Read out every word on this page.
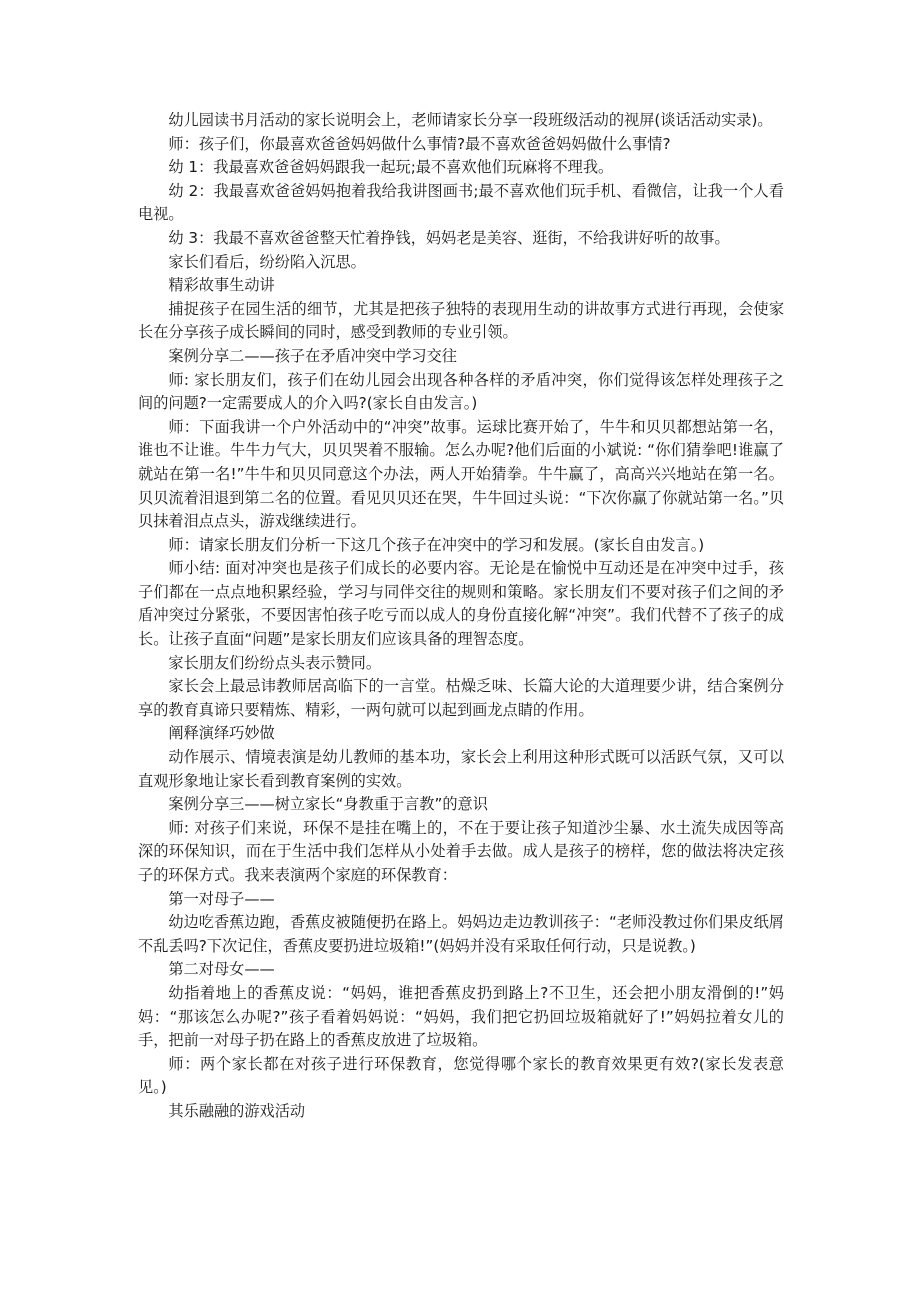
幼儿园读书月活动的家长说明会上，老师请家长分享一段班级活动的视屏(谈话活动实录)。

师：孩子们，你最喜欢爸爸妈妈做什么事情?最不喜欢爸爸妈妈做什么事情?

幼 1：我最喜欢爸爸妈妈跟我一起玩;最不喜欢他们玩麻将不理我。

幼 2：我最喜欢爸爸妈妈抱着我给我讲图画书;最不喜欢他们玩手机、看微信，让我一个人看电视。

幼 3：我最不喜欢爸爸整天忙着挣钱，妈妈老是美容、逛街，不给我讲好听的故事。

家长们看后，纷纷陷入沉思。

精彩故事生动讲

捕捉孩子在园生活的细节，尤其是把孩子独特的表现用生动的讲故事方式进行再现，会使家长在分享孩子成长瞬间的同时，感受到教师的专业引领。

案例分享二——孩子在矛盾冲突中学习交往

师: 家长朋友们，孩子们在幼儿园会出现各种各样的矛盾冲突，你们觉得该怎样处理孩子之间的问题?一定需要成人的介入吗?(家长自由发言。)

师：下面我讲一个户外活动中的“冲突”故事。运球比赛开始了，牛牛和贝贝都想站第一名，谁也不让谁。牛牛力气大，贝贝哭着不服输。怎么办呢?他们后面的小斌说: “你们猜拳吧!谁赢了就站在第一名!”牛牛和贝贝同意这个办法，两人开始猜拳。牛牛赢了，高高兴兴地站在第一名。贝贝流着泪退到第二名的位置。看见贝贝还在哭，牛牛回过头说：“下次你赢了你就站第一名。”贝贝抹着泪点点头，游戏继续进行。

师：请家长朋友们分析一下这几个孩子在冲突中的学习和发展。(家长自由发言。)

师小结: 面对冲突也是孩子们成长的必要内容。无论是在愉悦中互动还是在冲突中过手，孩子们都在一点点地积累经验，学习与同伴交往的规则和策略。家长朋友们不要对孩子们之间的矛盾冲突过分紧张，不要因害怕孩子吃亏而以成人的身份直接化解“冲突”。我们代替不了孩子的成长。让孩子直面“问题”是家长朋友们应该具备的理智态度。

家长朋友们纷纷点头表示赞同。

家长会上最忌讳教师居高临下的一言堂。枯燥乏味、长篇大论的大道理要少讲，结合案例分享的教育真谛只要精炼、精彩，一两句就可以起到画龙点睛的作用。

阐释演绎巧妙做

动作展示、情境表演是幼儿教师的基本功，家长会上利用这种形式既可以活跃气氛，又可以直观形象地让家长看到教育案例的实效。

案例分享三——树立家长“身教重于言教”的意识

师: 对孩子们来说，环保不是挂在嘴上的，不在于要让孩子知道沙尘暴、水土流失成因等高深的环保知识，而在于生活中我们怎样从小处着手去做。成人是孩子的榜样，您的做法将决定孩子的环保方式。我来表演两个家庭的环保教育：

第一对母子——

幼边吃香蕉边跑，香蕉皮被随便扔在路上。妈妈边走边教训孩子：“老师没教过你们果皮纸屑不乱丢吗?下次记住，香蕉皮要扔进垃圾箱!”(妈妈并没有采取任何行动，只是说教。)

第二对母女——

幼指着地上的香蕉皮说：“妈妈，谁把香蕉皮扔到路上?不卫生，还会把小朋友滑倒的!”妈妈：“那该怎么办呢?”孩子看着妈妈说：“妈妈，我们把它扔回垃圾箱就好了!”妈妈拉着女儿的手，把前一对母子扔在路上的香蕉皮放进了垃圾箱。

师：两个家长都在对孩子进行环保教育，您觉得哪个家长的教育效果更有效?(家长发表意见。)

其乐融融的游戏活动
